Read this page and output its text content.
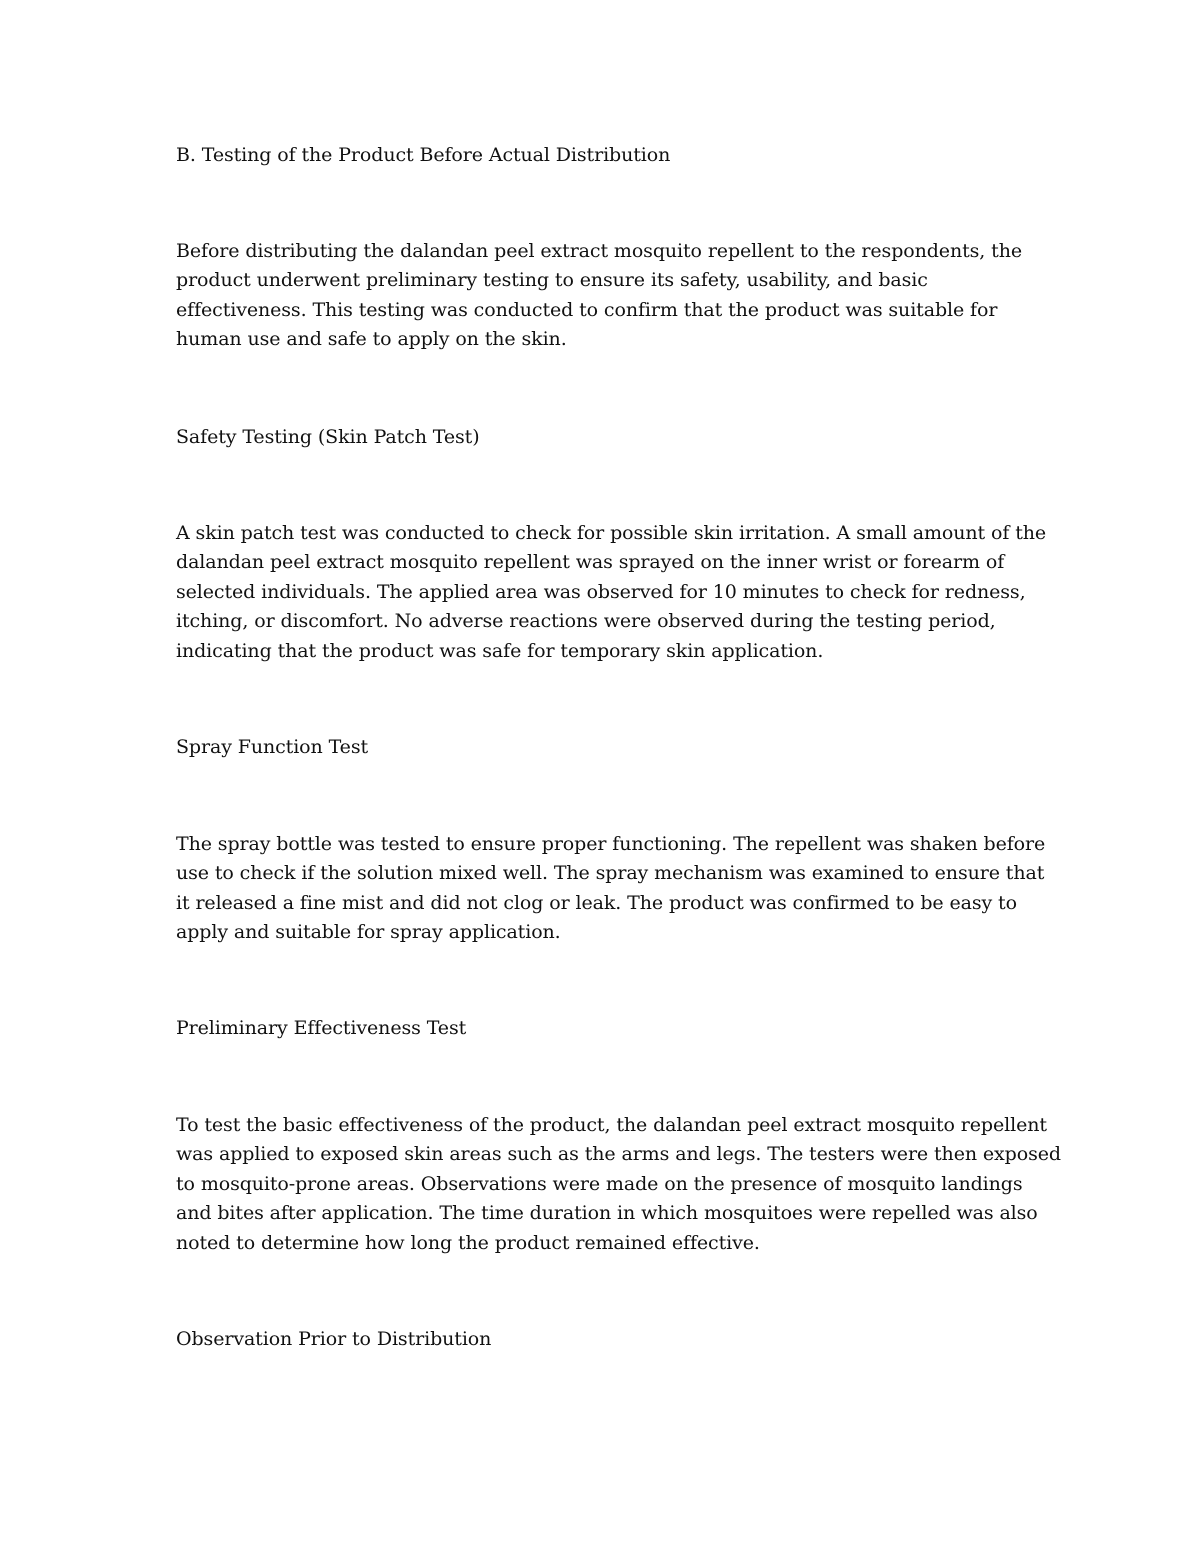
B. Testing of the Product Before Actual Distribution

Before distributing the dalandan peel extract mosquito repellent to the respondents, the
product underwent preliminary testing to ensure its safety, usability, and basic
effectiveness. This testing was conducted to confirm that the product was suitable for
human use and safe to apply on the skin.

Safety Testing (Skin Patch Test)

A skin patch test was conducted to check for possible skin irritation. A small amount of the
dalandan peel extract mosquito repellent was sprayed on the inner wrist or forearm of
selected individuals. The applied area was observed for 10 minutes to check for redness,
itching, or discomfort. No adverse reactions were observed during the testing period,
indicating that the product was safe for temporary skin application.

Spray Function Test

The spray bottle was tested to ensure proper functioning. The repellent was shaken before
use to check if the solution mixed well. The spray mechanism was examined to ensure that
it released a fine mist and did not clog or leak. The product was confirmed to be easy to
apply and suitable for spray application.

Preliminary Effectiveness Test

To test the basic effectiveness of the product, the dalandan peel extract mosquito repellent
was applied to exposed skin areas such as the arms and legs. The testers were then exposed
to mosquito-prone areas. Observations were made on the presence of mosquito landings
and bites after application. The time duration in which mosquitoes were repelled was also
noted to determine how long the product remained effective.

Observation Prior to Distribution
